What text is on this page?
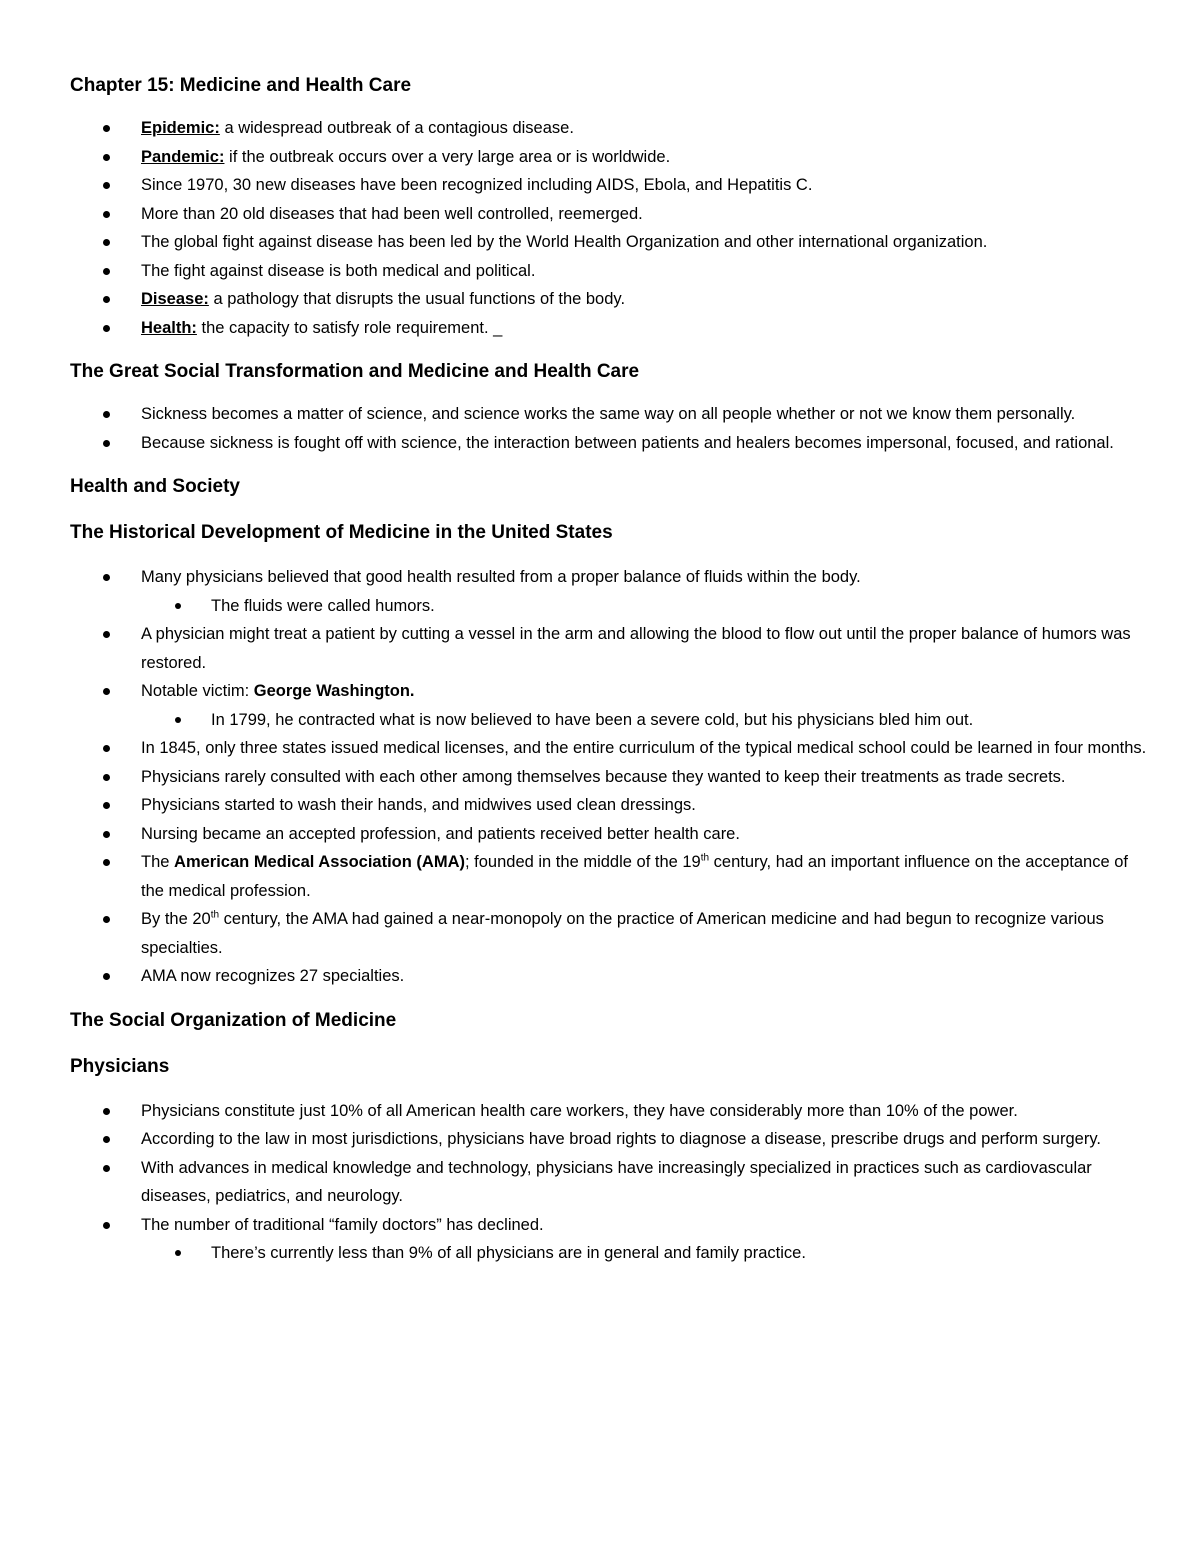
Chapter 15: Medicine and Health Care
Epidemic: a widespread outbreak of a contagious disease.
Pandemic: if the outbreak occurs over a very large area or is worldwide.
Since 1970, 30 new diseases have been recognized including AIDS, Ebola, and Hepatitis C.
More than 20 old diseases that had been well controlled, reemerged.
The global fight against disease has been led by the World Health Organization and other international organization.
The fight against disease is both medical and political.
Disease: a pathology that disrupts the usual functions of the body.
Health: the capacity to satisfy role requirement. _
The Great Social Transformation and Medicine and Health Care
Sickness becomes a matter of science, and science works the same way on all people whether or not we know them personally.
Because sickness is fought off with science, the interaction between patients and healers becomes impersonal, focused, and rational.
Health and Society
The Historical Development of Medicine in the United States
Many physicians believed that good health resulted from a proper balance of fluids within the body.
The fluids were called humors.
A physician might treat a patient by cutting a vessel in the arm and allowing the blood to flow out until the proper balance of humors was restored.
Notable victim: George Washington.
In 1799, he contracted what is now believed to have been a severe cold, but his physicians bled him out.
In 1845, only three states issued medical licenses, and the entire curriculum of the typical medical school could be learned in four months.
Physicians rarely consulted with each other among themselves because they wanted to keep their treatments as trade secrets.
Physicians started to wash their hands, and midwives used clean dressings.
Nursing became an accepted profession, and patients received better health care.
The American Medical Association (AMA); founded in the middle of the 19th century, had an important influence on the acceptance of the medical profession.
By the 20th century, the AMA had gained a near-monopoly on the practice of American medicine and had begun to recognize various specialties.
AMA now recognizes 27 specialties.
The Social Organization of Medicine
Physicians
Physicians constitute just 10% of all American health care workers, they have considerably more than 10% of the power.
According to the law in most jurisdictions, physicians have broad rights to diagnose a disease, prescribe drugs and perform surgery.
With advances in medical knowledge and technology, physicians have increasingly specialized in practices such as cardiovascular diseases, pediatrics, and neurology.
The number of traditional “family doctors” has declined.
There’s currently less than 9% of all physicians are in general and family practice.
